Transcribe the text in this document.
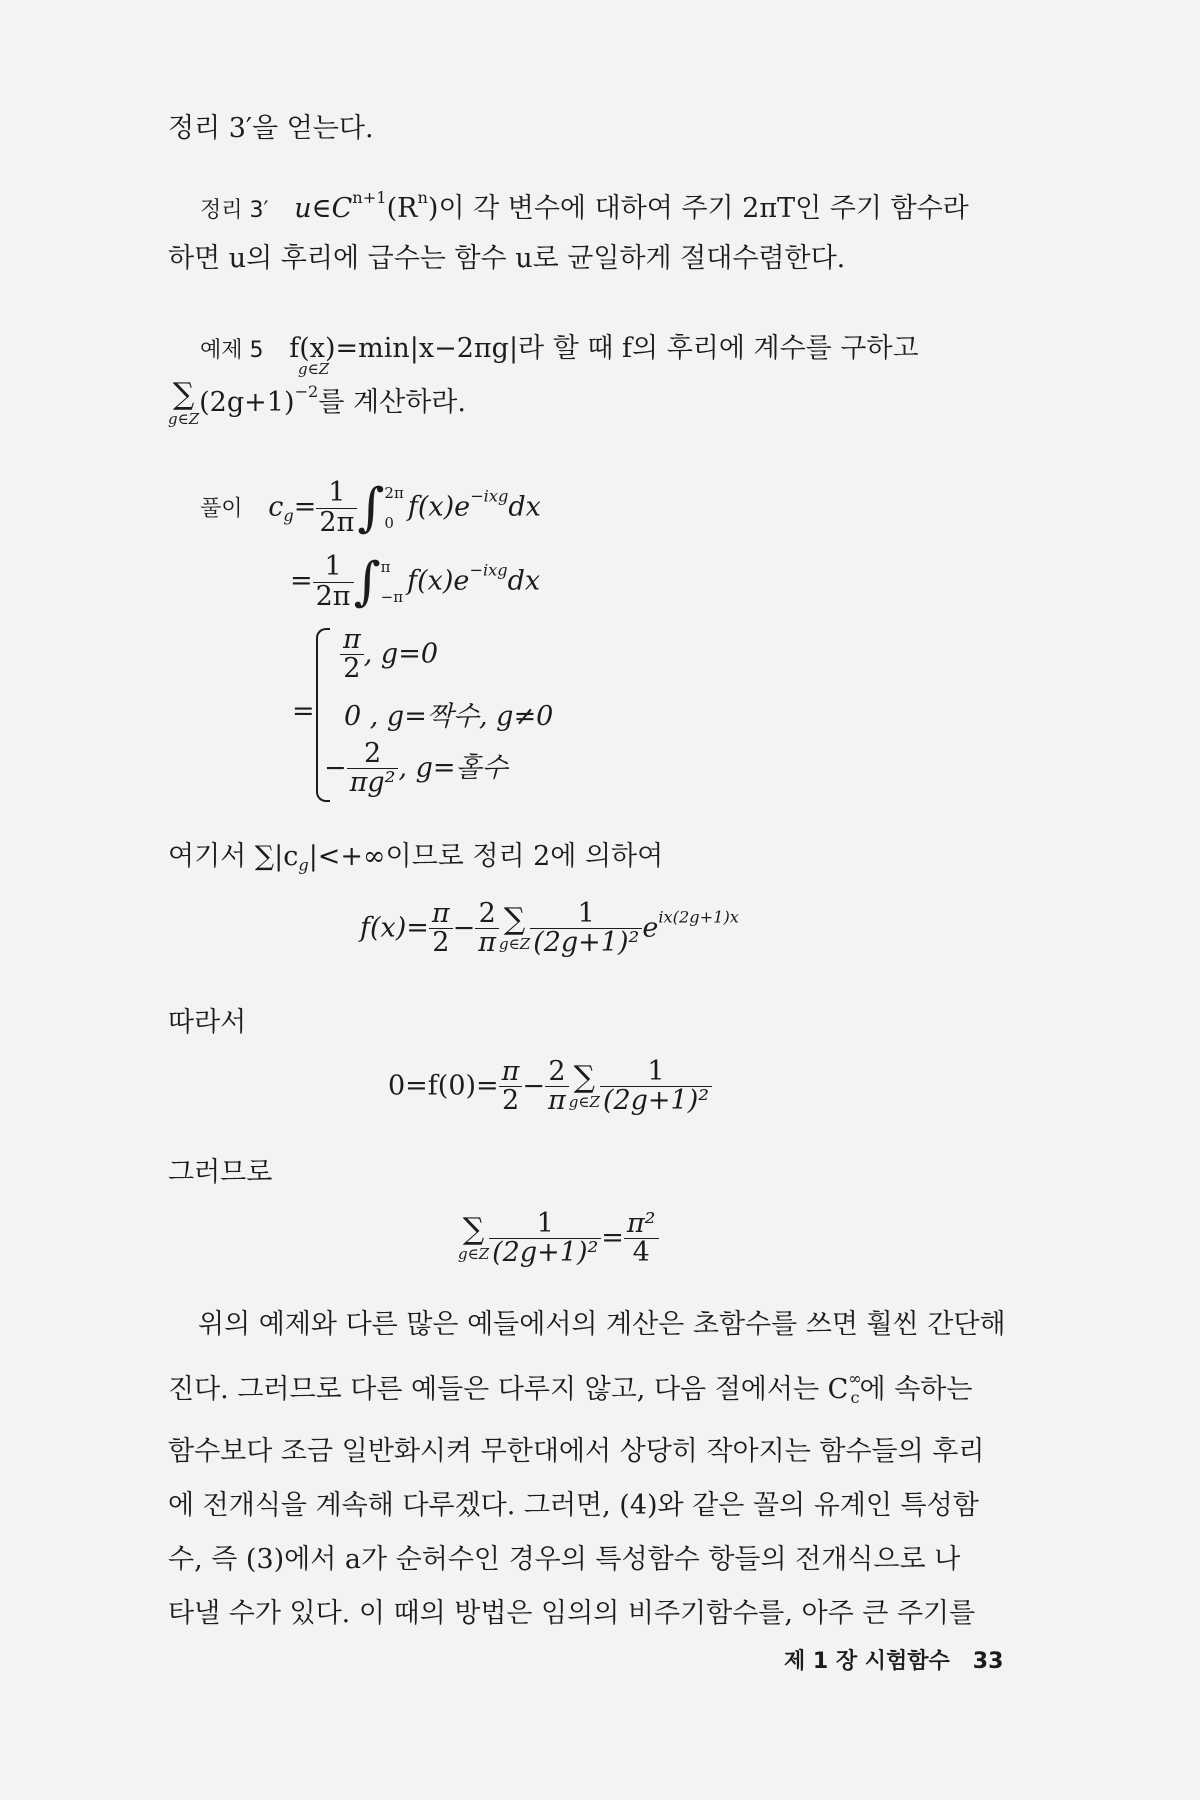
정리 3′을 얻는다.
정리 3′ $u\in C^{n+1}(R^n)$이 각 변수에 대하여 주기 2πT인 주기 함수라
하면 u의 후리에 급수는 함수 u로 균일하게 절대수렴한다.
예제 5 f(x)=min|x−2πg|라 할 때 f의 후리에 계수를 구하고
g∈Z
∑
g∈Z
$(2g+1)^{-2}$를 계산하라.
풀이 $c_g= \frac{1}{2\pi}$ ∫ 2π

0 $f(x)e^{-ixg}dx$
= $\frac{1}{2\pi}$ ∫ π

−π $f(x)e^{-ixg}dx$
=
$\frac{\pi}{2}$ , g=0
0 , g=짝수, g≠0
− $\frac{2}{\text{πg²}}$ , g=홀수
여기서 $\sum|c_g|<+\infty$이므로 정리 2에 의하여
$f(x)= \frac{\pi}{2} - \frac{2}{\pi}$ ∑
g∈Z $\frac{1}{\text{(2g+1)²}} e^{ix(2g+1)x}$
따라서
$0=f(0)= \frac{\pi}{2} - \frac{2}{\pi}$ ∑
g∈Z $\frac{1}{\text{(2g+1)²}}$
그러므로
∑
g∈Z $\frac{1}{\text{(2g+1)²}} = \frac{\text{π²}}{4}$
위의 예제와 다른 많은 예들에서의 계산은 초함수를 쓰면 훨씬 간단해
진다. 그러므로 다른 예들은 다루지 않고, 다음 절에서는 $C^\infty_c$에 속하는
함수보다 조금 일반화시켜 무한대에서 상당히 작아지는 함수들의 후리
에 전개식을 계속해 다루겠다. 그러면, (4)와 같은 꼴의 유계인 특성함
수, 즉 (3)에서 a가 순허수인 경우의 특성함수 항들의 전개식으로 나
타낼 수가 있다. 이 때의 방법은 임의의 비주기함수를, 아주 큰 주기를
제 1 장 시험함수 33
